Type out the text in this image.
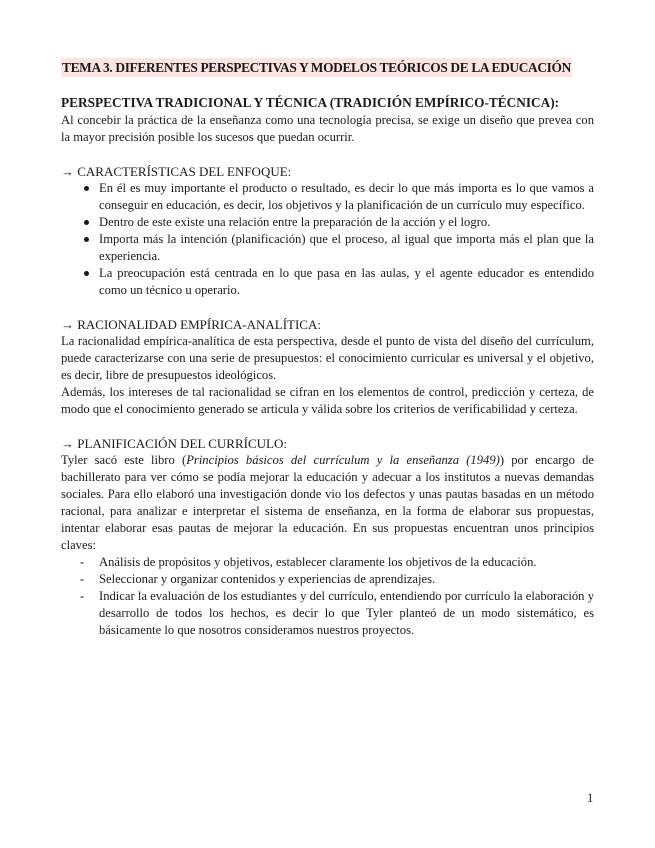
TEMA 3. DIFERENTES PERSPECTIVAS Y MODELOS TEÓRICOS DE LA EDUCACIÓN
PERSPECTIVA TRADICIONAL Y TÉCNICA (TRADICIÓN EMPÍRICO-TÉCNICA):

Al concebir la práctica de la enseñanza como una tecnología precisa, se exige un diseño que prevea con la mayor precisión posible los sucesos que puedan ocurrir.

→ CARACTERÍSTICAS DEL ENFOQUE:
En él es muy importante el producto o resultado, es decir lo que más importa es lo que vamos a conseguir en educación, es decir, los objetivos y la planificación de un currículo muy específico.
Dentro de este existe una relación entre la preparación de la acción y el logro.
Importa más la intención (planificación) que el proceso, al igual que importa más el plan que la experiencia.
La preocupación está centrada en lo que pasa en las aulas, y el agente educador es entendido como un técnico u operario.
→ RACIONALIDAD EMPÍRICA-ANALÍTICA:

La racionalidad empírica-analítica de esta perspectiva, desde el punto de vista del diseño del currículum, puede caracterizarse con una serie de presupuestos: el conocimiento curricular es universal y el objetivo, es decir, libre de presupuestos ideológicos.

Además, los intereses de tal racionalidad se cifran en los elementos de control, predicción y certeza, de modo que el conocimiento generado se articula y válida sobre los criterios de verificabilidad y certeza.

→ PLANIFICACIÓN DEL CURRÍCULO:

Tyler sacó este libro (Principios básicos del currículum y la enseñanza (1949)) por encargo de bachillerato para ver cómo se podía mejorar la educación y adecuar a los institutos a nuevas demandas sociales. Para ello elaboró una investigación donde vio los defectos y unas pautas basadas en un método racional, para analizar e interpretar el sistema de enseñanza, en la forma de elaborar sus propuestas, intentar elaborar esas pautas de mejorar la educación. En sus propuestas encuentran unos principios claves:

- Análisis de propósitos y objetivos, establecer claramente los objetivos de la educación.
- Seleccionar y organizar contenidos y experiencias de aprendizajes.
- Indicar la evaluación de los estudiantes y del currículo, entendiendo por currículo la elaboración y desarrollo de todos los hechos, es decir lo que Tyler planteó de un modo sistemático, es básicamente lo que nosotros consideramos nuestros proyectos.
1
